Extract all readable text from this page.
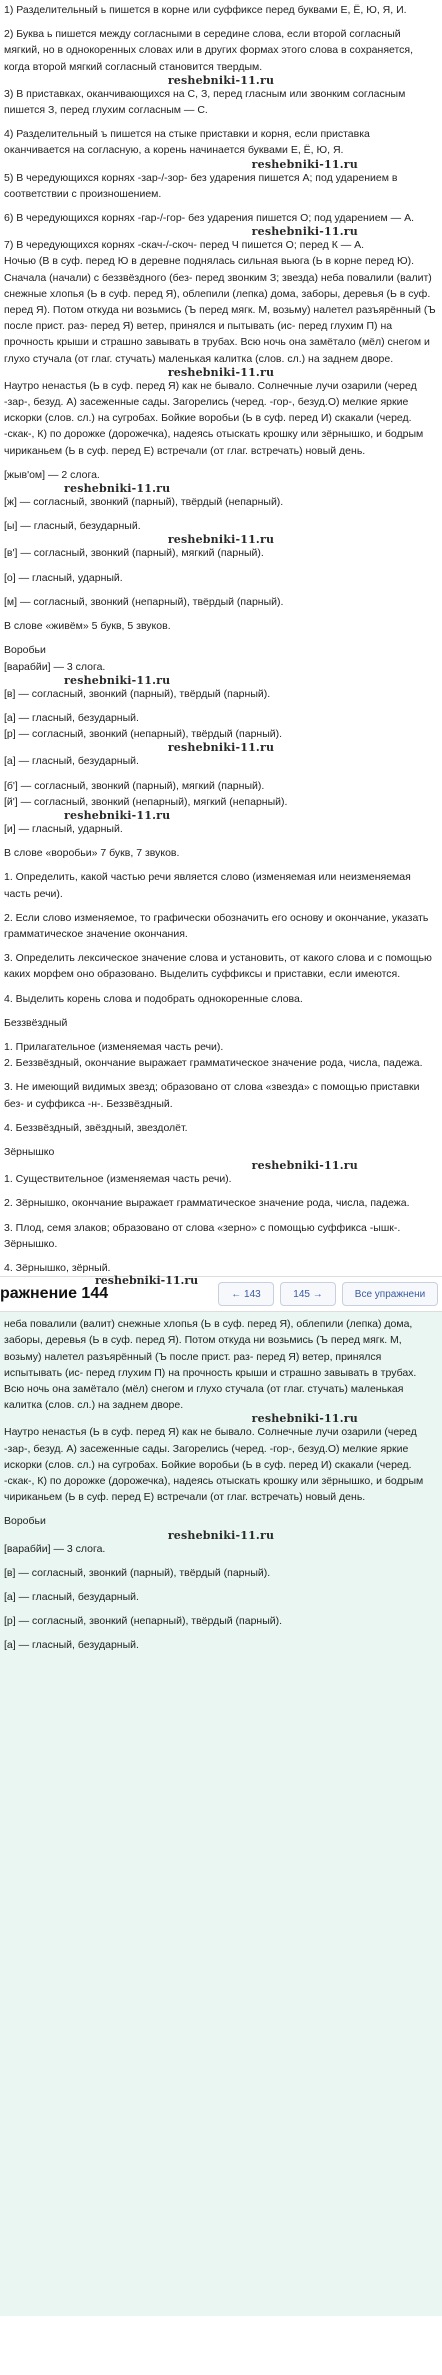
1) Разделительный ь пишется в корне или суффиксе перед буквами Е, Ё, Ю, Я, И.

2) Буква ь пишется между согласными в середине слова, если второй согласный мягкий, но в однокоренных словах или в других формах этого слова в сохраняется, когда второй мягкий согласный становится твердым.

reshebniki-11.ru

3) В приставках, оканчивающихся на С, З, перед гласным или звонким согласным пишется З, перед глухим согласным — С.

4) Разделительный ъ пишется на стыке приставки и корня, если приставка оканчивается на согласную, а корень начинается буквами Е, Ё, Ю, Я.

reshebniki-11.ru

5) В чередующихся корнях -зар-/-зор- без ударения пишется А; под ударением в соответствии с произношением.

6) В чередующихся корнях -гар-/-гор- без ударения пишется О; под ударением — А.

reshebniki-11.ru

7) В чередующихся корнях -скач-/-скоч- перед Ч пишется О; перед К — А.

Ночью (В в суф. перед Ю в деревне поднялась сильная вьюга (Ь в корне перед Ю). Сначала (начали) с беззвёздного (без- перед звонким З; звезда) неба повалили (валит) снежные хлопья (Ь в суф. перед Я), облепили (лепка) дома, заборы, деревья (Ь в суф. перед Я). Потом откуда ни возьмись (Ъ перед мягк. М, возьму) налетел разъярённый (Ъ после прист. раз- перед Я) ветер, принялся и пытывать (ис- перед глухим П) на прочность крыши и страшно завывать в трубах. Всю ночь она замётало (мёл) снегом и глухо стучала (от глаг. стучать) маленькая калитка (слов. сл.) на заднем дворе.

reshebniki-11.ru

Наутро ненастья (Ь в суф. перед Я) как не бывало. Солнечные лучи озарили (черед -зар-, безуд. А) засеженные сады. Загорелись (черед. -гор-, безуд.О) мелкие яркие искорки (слов. сл.) на сугробах. Бойкие воробьи (Ь в суф. перед И) скакали (черед. -скак-, К) по дорожке (дорожечка), надеясь отыскать крошку или зёрнышко, и бодрым чириканьем (Ь в суф. перед Е) встречали (от глаг. встречать) новый день.

[жыв'ом] — 2 слога.

reshebniki-11.ru

[ж] — согласный, звонкий (парный), твёрдый (непарный).

[ы] — гласный, безударный.

reshebniki-11.ru

[в'] — согласный, звонкий (парный), мягкий (парный).

[о] — гласный, ударный.

[м] — согласный, звонкий (непарный), твёрдый (парный).

В слове «живём» 5 букв, 5 звуков.

Воробьи

[варабйи] — 3 слога.

reshebniki-11.ru

[в] — согласный, звонкий (парный), твёрдый (парный).

[а] — гласный, безударный.

[р] — согласный, звонкий (непарный), твёрдый (парный).

reshebniki-11.ru

[а] — гласный, безударный.

[б'] — согласный, звонкий (парный), мягкий (парный).

[й'] — согласный, звонкий (непарный), мягкий (непарный).

reshebniki-11.ru

[и] — гласный, ударный.

В слове «воробьи» 7 букв, 7 звуков.

1. Определить, какой частью речи является слово (изменяемая или неизменяемая часть речи).

2. Если слово изменяемое, то графически обозначить его основу и окончание, указать грамматическое значение окончания.

3. Определить лексическое значение слова и установить, от какого слова и с помощью каких морфем оно образовано. Выделить суффиксы и приставки, если имеются.

4. Выделить корень слова и подобрать однокоренные слова.

Беззвёздный

1. Прилагательное (изменяемая часть речи).

2. Беззвёздный, окончание выражает грамматическое значение рода, числа, падежа.

3. Не имеющий видимых звезд; образовано от слова «звезда» с помощью приставки без- и суффикса -н-. Беззвёздный.

4. Беззвёздный, звёздный, звездолёт.

Зёрнышко

reshebniki-11.ru

1. Существительное (изменяемая часть речи).

2. Зёрнышко, окончание выражает грамматическое значение рода, числа, падежа.

3. Плод, семя злаков; образовано от слова «зерно» с помощью суффикса -ышк-. Зёрнышко.

4. Зёрнышко, зёрный.

reshebniki-11.ru
ражнение 144	← 143	145 →	Все упражнени

неба повалили (валит) снежные хлопья (Ь в суф. перед Я), облепили (лепка) дома, заборы, деревья (Ь в суф. перед Я). Потом откуда ни возьмись (Ъ перед мягк. М, возьму) налетел разъярённый (Ъ после прист. раз- перед Я) ветер, принялся испытывать (ис- перед глухим П) на прочность крыши и страшно завывать в трубах. Всю ночь она замётало (мёл) снегом и глухо стучала (от глаг. стучать) маленькая калитка (слов. сл.) на заднем дворе.

reshebniki-11.ru

Наутро ненастья (Ь в суф. перед Я) как не бывало. Солнечные лучи озарили (черед -зар-, безуд. А) засеженные сады. Загорелись (черед. -гор-, безуд.О) мелкие яркие искорки (слов. сл.) на сугробах. Бойкие воробьи (Ь в суф. перед И) скакали (черед. -скак-, К) по дорожке (дорожечка), надеясь отыскать крошку или зёрнышко, и бодрым чириканьем (Ь в суф. перед Е) встречали (от глаг. встречать) новый день.

Воробьи

reshebniki-11.ru

[варабйи] — 3 слога.

[в] — согласный, звонкий (парный), твёрдый (парный).

[а] — гласный, безударный.

[р] — согласный, звонкий (непарный), твёрдый (парный).

[а] — гласный, безударный.
